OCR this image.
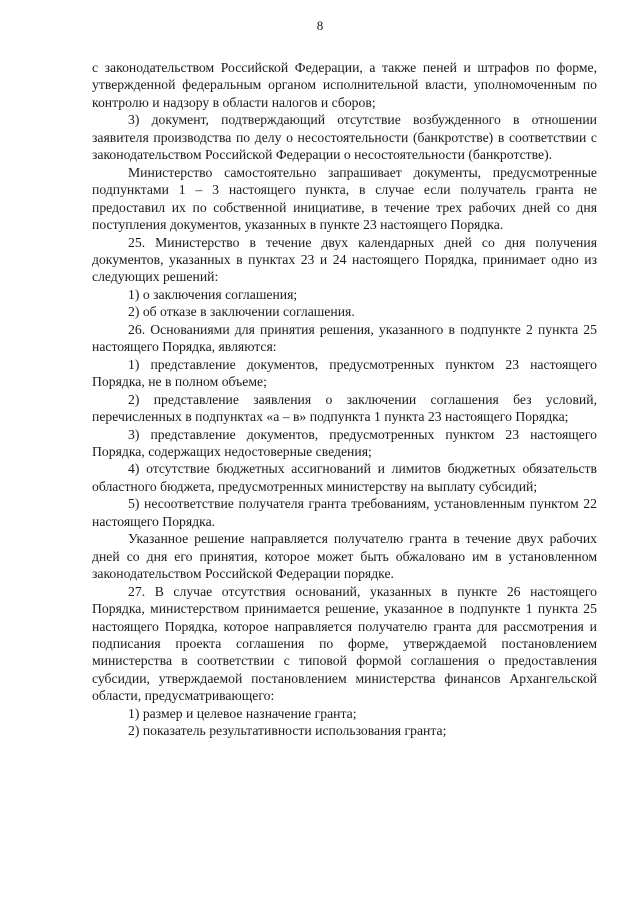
8

с законодательством Российской Федерации, а также пеней и штрафов по форме, утвержденной федеральным органом исполнительной власти, уполномоченным по контролю и надзору в области налогов и сборов;

3) документ, подтверждающий отсутствие возбужденного в отношении заявителя производства по делу о несостоятельности (банкротстве) в соответствии с законодательством Российской Федерации о несостоятельности (банкротстве).

Министерство самостоятельно запрашивает документы, предусмотренные подпунктами 1 – 3 настоящего пункта, в случае если получатель гранта не предоставил их по собственной инициативе, в течение трех рабочих дней со дня поступления документов, указанных в пункте 23 настоящего Порядка.

25. Министерство в течение двух календарных дней со дня получения документов, указанных в пунктах 23 и 24 настоящего Порядка, принимает одно из следующих решений:

1) о заключения соглашения;

2) об отказе в заключении соглашения.

26. Основаниями для принятия решения, указанного в подпункте 2 пункта 25 настоящего Порядка, являются:

1) представление документов, предусмотренных пунктом 23 настоящего Порядка, не в полном объеме;

2) представление заявления о заключении соглашения без условий, перечисленных в подпунктах «а – в» подпункта 1 пункта 23 настоящего Порядка;

3) представление документов, предусмотренных пунктом 23 настоящего Порядка, содержащих недостоверные сведения;

4) отсутствие бюджетных ассигнований и лимитов бюджетных обязательств областного бюджета, предусмотренных министерству на выплату субсидий;

5) несоответствие получателя гранта требованиям, установленным пунктом 22 настоящего Порядка.

Указанное решение направляется получателю гранта в течение двух рабочих дней со дня его принятия, которое может быть обжаловано им в установленном законодательством Российской Федерации порядке.

27. В случае отсутствия оснований, указанных в пункте 26 настоящего Порядка, министерством принимается решение, указанное в подпункте 1 пункта 25 настоящего Порядка, которое направляется получателю гранта для рассмотрения и подписания проекта соглашения по форме, утверждаемой постановлением министерства в соответствии с типовой формой соглашения о предоставления субсидии, утверждаемой постановлением министерства финансов Архангельской области, предусматривающего:

1) размер и целевое назначение гранта;

2) показатель результативности использования гранта;
